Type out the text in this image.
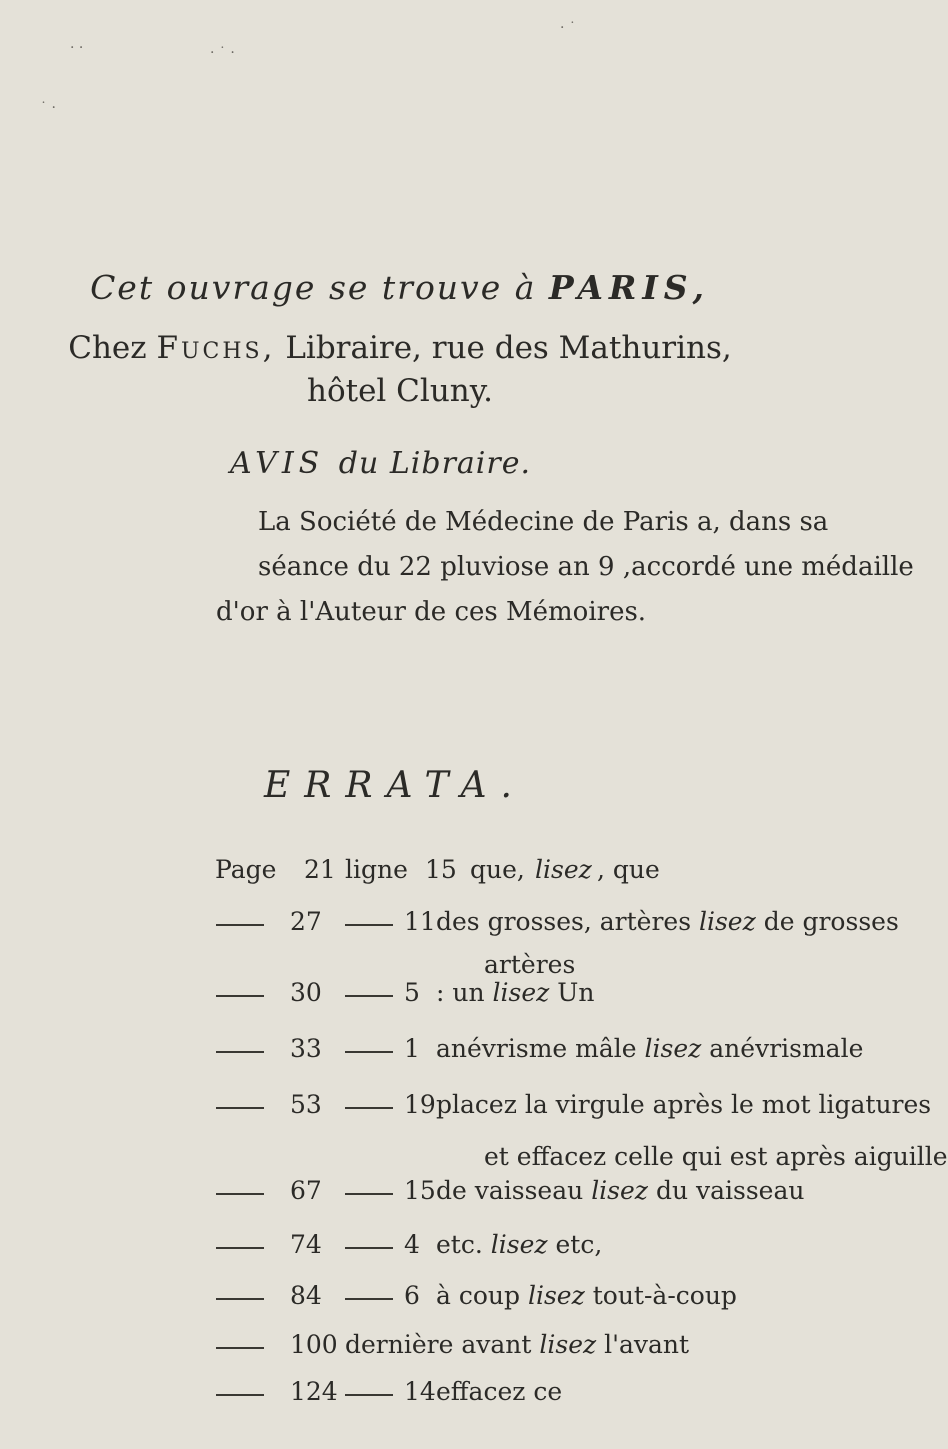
· ·	· ˙ ·
˙ ·
· ˙
Cet ouvrage se trouve à PARIS,
Chez Fuchs, Libraire, rue des Mathurins,
hôtel Cluny.
AVIS du Libraire.
La Société de Médecine de Paris a, dans sa
séance du 22 pluviose an 9 ,accordé une médaille
d'or à l'Auteur de ces Mémoires.
ERRATA.
Page 21 ligne 15 que, lisez , que
27	11 des grosses, artères lisez de grosses
artères
30	5 : un lisez Un
33	1 anévrisme mâle lisez anévrismale
53	19 placez la virgule après le mot ligatures
et effacez celle qui est après aiguille
67	15 de vaisseau lisez du vaisseau
74	4 etc. lisez etc,
84	6 à coup lisez tout-à-coup
100 dernière avant lisez l'avant
124	14 effacez ce
